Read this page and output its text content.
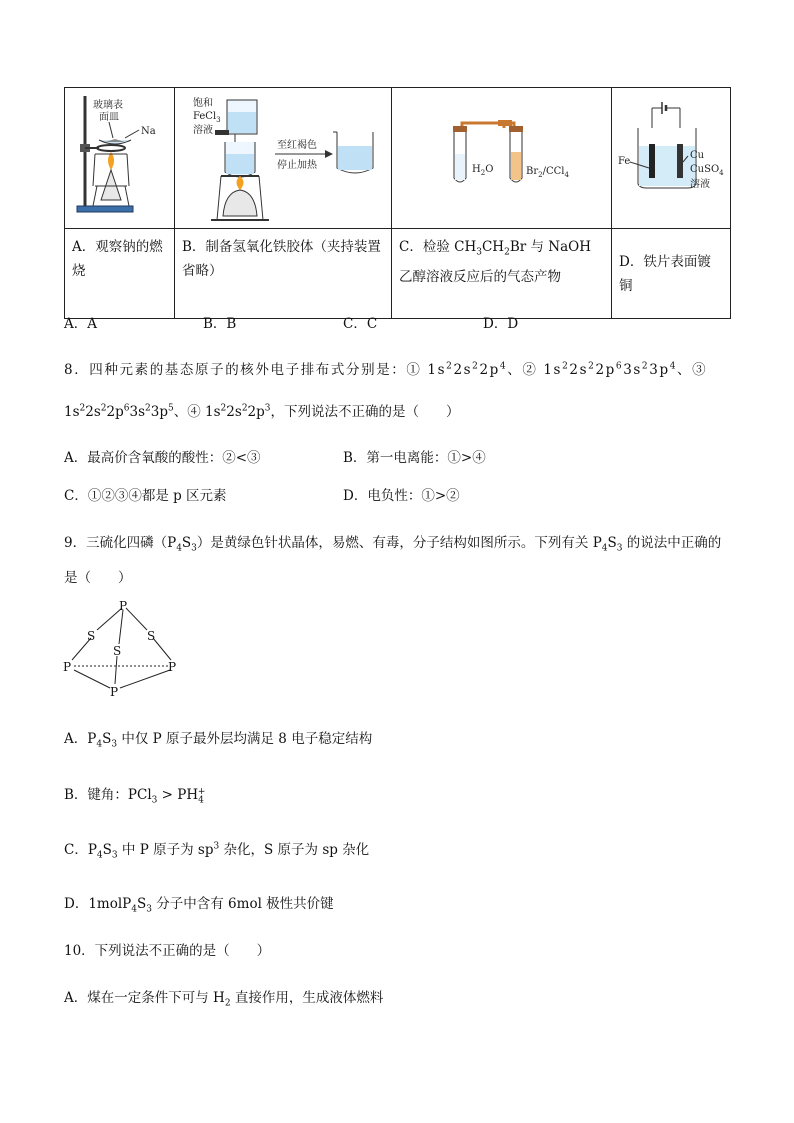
Na
玻璃表
面皿	饱和
FeCl$_3$
溶液
至红褐色
停止加热	$H_2O$ $Br_2/CCl_4$	Fe
Cu
CuSO$_4$
溶液

A．观察钠的燃烧	B．制备氢氧化铁胶体（夹持装置省略）	C．检验 $CH_3CH_2Br$ 与 NaOH 乙醇溶液反应后的气态产物	D．铁片表面镀铜
A．A	B．B	C．C	D．D
8．四种元素的基态原子的核外电子排布式分别是：① $1s^22s^22p^4$、② $1s^22s^22p^63s^23p^4$、③
$1s^22s^22p^63s^23p^5$、④ $1s^22s^22p^3$，下列说法不正确的是（　　）
A．最高价含氧酸的酸性：②<③	B．第一电离能：①>④
C．①②③④都是 p 区元素	D．电负性：①>②
9．三硫化四磷$(P_4S_3)$是黄绿色针状晶体，易燃、有毒，分子结构如图所示。下列有关 $P_4S_3$ 的说法中正确的
是（　　）
P
S	S
S
P	P
P
A．$P_4S_3$ 中仅 P 原子最外层均满足 8 电子稳定结构
B．键角：$PCl_3 > PH_4^+$
C．$P_4S_3$ 中 P 原子为 $sp^3$ 杂化，S 原子为 sp 杂化
D．$1molP_4S_3$ 分子中含有 6mol 极性共价键
10．下列说法不正确的是（　　）
A．煤在一定条件下可与 $H_2$ 直接作用，生成液体燃料
